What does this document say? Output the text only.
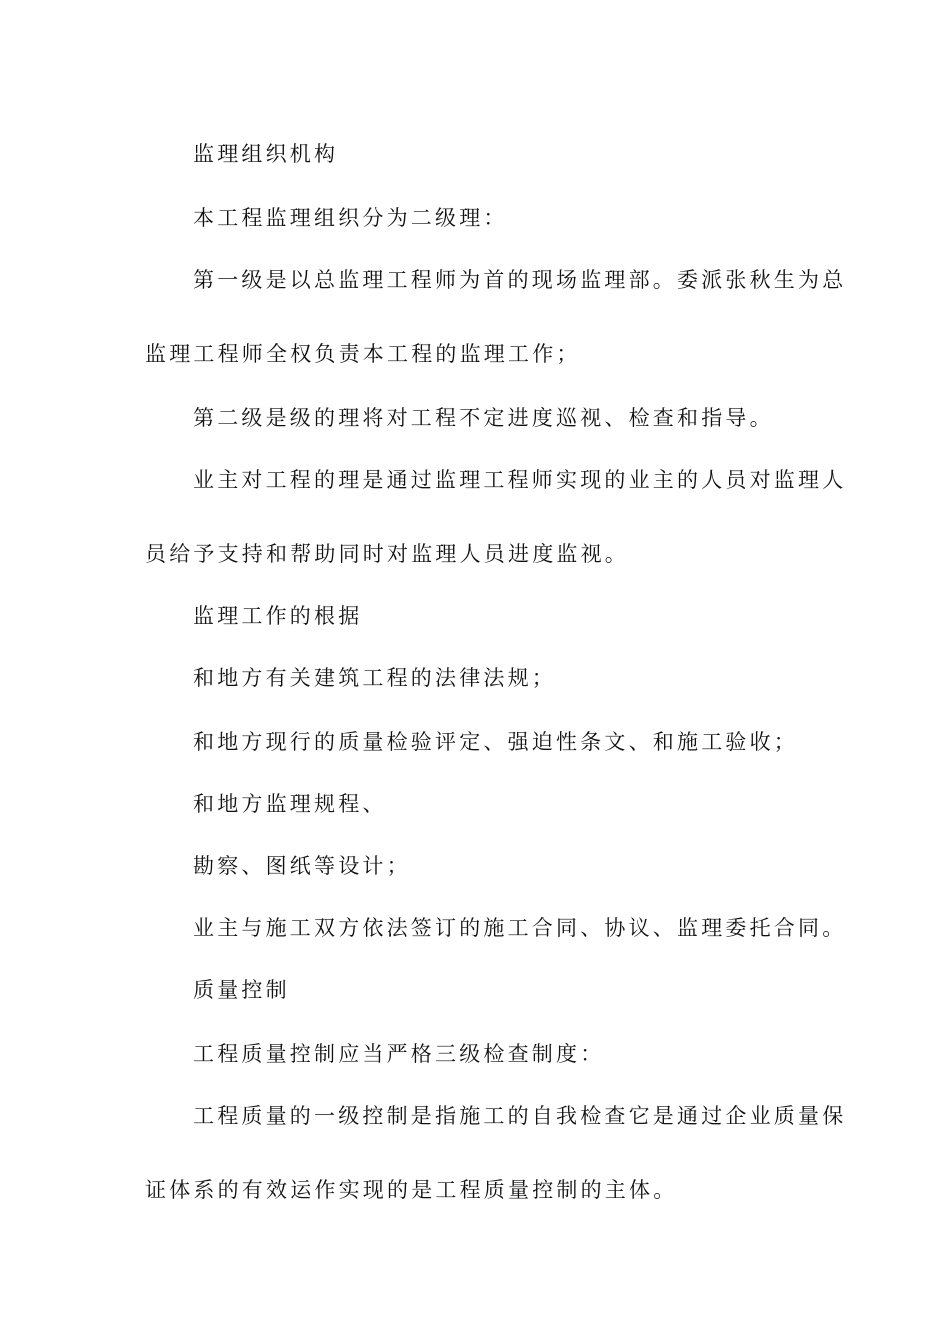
监理组织机构

本工程监理组织分为二级理：

第一级是以总监理工程师为首的现场监理部。委派张秋生为总
监理工程师全权负责本工程的监理工作；

第二级是级的理将对工程不定进度巡视、检查和指导。

业主对工程的理是通过监理工程师实现的业主的人员对监理人
员给予支持和帮助同时对监理人员进度监视。

监理工作的根据

和地方有关建筑工程的法律法规；

和地方现行的质量检验评定、强迫性条文、和施工验收；

和地方监理规程、

勘察、图纸等设计；

业主与施工双方依法签订的施工合同、协议、监理委托合同。

质量控制

工程质量控制应当严格三级检查制度：

工程质量的一级控制是指施工的自我检查它是通过企业质量保
证体系的有效运作实现的是工程质量控制的主体。
